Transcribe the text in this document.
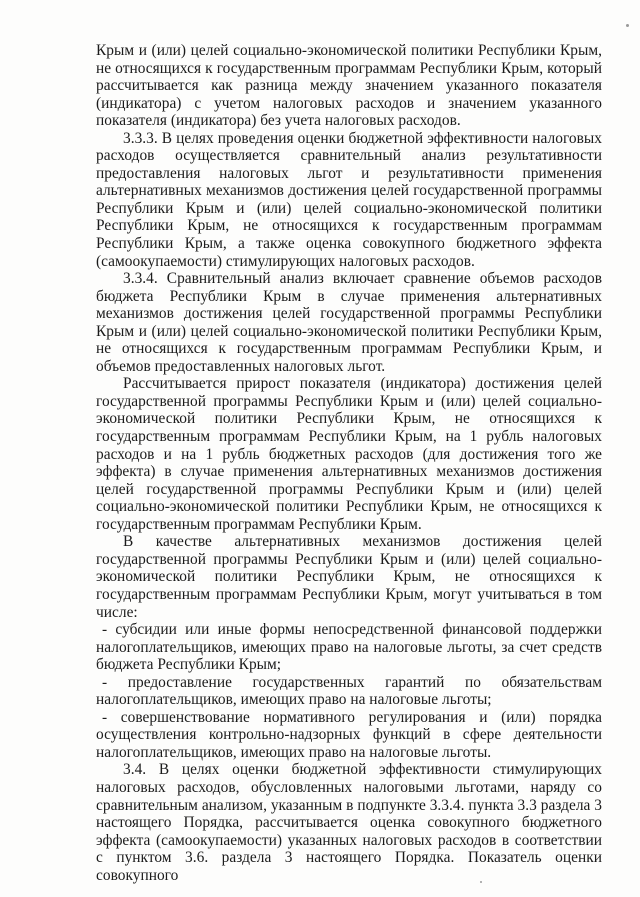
Крым и (или) целей социально-экономической политики Республики Крым, не относящихся к государственным программам Республики Крым, который рассчитывается как разница между значением указанного показателя (индикатора) с учетом налоговых расходов и значением указанного показателя (индикатора) без учета налоговых расходов.

3.3.3. В целях проведения оценки бюджетной эффективности налоговых расходов осуществляется сравнительный анализ результативности предоставления налоговых льгот и результативности применения альтернативных механизмов достижения целей государственной программы Республики Крым и (или) целей социально-экономической политики Республики Крым, не относящихся к государственным программам Республики Крым, а также оценка совокупного бюджетного эффекта (самоокупаемости) стимулирующих налоговых расходов.

3.3.4. Сравнительный анализ включает сравнение объемов расходов бюджета Республики Крым в случае применения альтернативных механизмов достижения целей государственной программы Республики Крым и (или) целей социально-экономической политики Республики Крым, не относящихся к государственным программам Республики Крым, и объемов предоставленных налоговых льгот.

Рассчитывается прирост показателя (индикатора) достижения целей государственной программы Республики Крым и (или) целей социально-экономической политики Республики Крым, не относящихся к государственным программам Республики Крым, на 1 рубль налоговых расходов и на 1 рубль бюджетных расходов (для достижения того же эффекта) в случае применения альтернативных механизмов достижения целей государственной программы Республики Крым и (или) целей социально-экономической политики Республики Крым, не относящихся к государственным программам Республики Крым.

В качестве альтернативных механизмов достижения целей государственной программы Республики Крым и (или) целей социально-экономической политики Республики Крым, не относящихся к государственным программам Республики Крым, могут учитываться в том числе:

- субсидии или иные формы непосредственной финансовой поддержки налогоплательщиков, имеющих право на налоговые льготы, за счет средств бюджета Республики Крым;

- предоставление государственных гарантий по обязательствам налогоплательщиков, имеющих право на налоговые льготы;

- совершенствование нормативного регулирования и (или) порядка осуществления контрольно-надзорных функций в сфере деятельности налогоплательщиков, имеющих право на налоговые льготы.

3.4. В целях оценки бюджетной эффективности стимулирующих налоговых расходов, обусловленных налоговыми льготами, наряду со сравнительным анализом, указанным в подпункте 3.3.4. пункта 3.3 раздела 3 настоящего Порядка, рассчитывается оценка совокупного бюджетного эффекта (самоокупаемости) указанных налоговых расходов в соответствии с пунктом 3.6. раздела 3 настоящего Порядка. Показатель оценки совокупного
